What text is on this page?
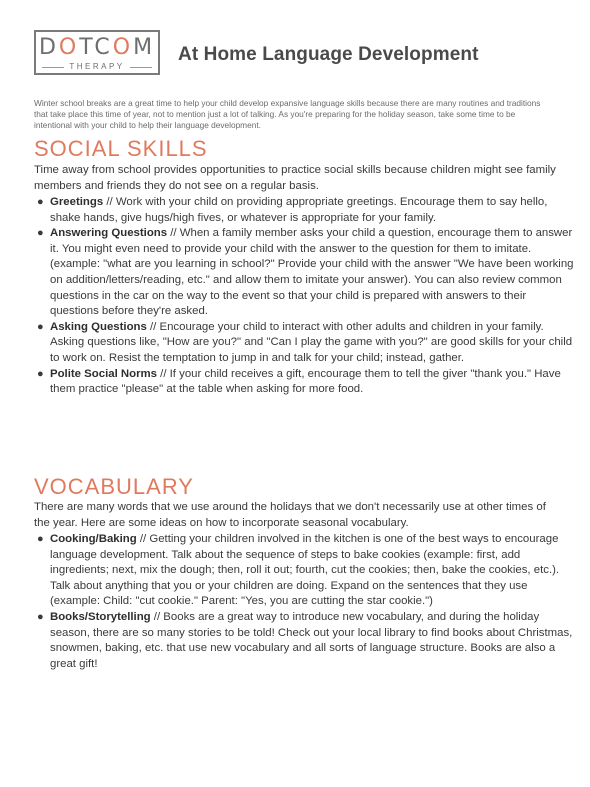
DOTCOM
THERAPY
At Home Language Development

Winter school breaks are a great time to help your child develop expansive language skills because there are many routines and traditions that take place this time of year, not to mention just a lot of talking. As you're preparing for the holiday season, take some time to be intentional with your child to help their language development.

SOCIAL SKILLS

Time away from school provides opportunities to practice social skills because children might see family members and friends they do not see on a regular basis.

● Greetings // Work with your child on providing appropriate greetings. Encourage them to say hello, shake hands, give hugs/high fives, or whatever is appropriate for your family.
● Answering Questions // When a family member asks your child a question, encourage them to answer it. You might even need to provide your child with the answer to the question for them to imitate. (example: "what are you learning in school?" Provide your child with the answer "We have been working on addition/letters/reading, etc." and allow them to imitate your answer). You can also review common questions in the car on the way to the event so that your child is prepared with answers to their questions before they're asked.
● Asking Questions // Encourage your child to interact with other adults and children in your family. Asking questions like, "How are you?" and "Can I play the game with you?" are good skills for your child to work on. Resist the temptation to jump in and talk for your child; instead, gather.
● Polite Social Norms // If your child receives a gift, encourage them to tell the giver "thank you." Have them practice "please" at the table when asking for more food.
VOCABULARY

There are many words that we use around the holidays that we don't necessarily use at other times of the year. Here are some ideas on how to incorporate seasonal vocabulary.

● Cooking/Baking // Getting your children involved in the kitchen is one of the best ways to encourage language development. Talk about the sequence of steps to bake cookies (example: first, add ingredients; next, mix the dough; then, roll it out; fourth, cut the cookies; then, bake the cookies, etc.). Talk about anything that you or your children are doing. Expand on the sentences that they use (example: Child: "cut cookie." Parent: "Yes, you are cutting the star cookie.")
● Books/Storytelling // Books are a great way to introduce new vocabulary, and during the holiday season, there are so many stories to be told! Check out your local library to find books about Christmas, snowmen, baking, etc. that use new vocabulary and all sorts of language structure. Books are also a great gift!
